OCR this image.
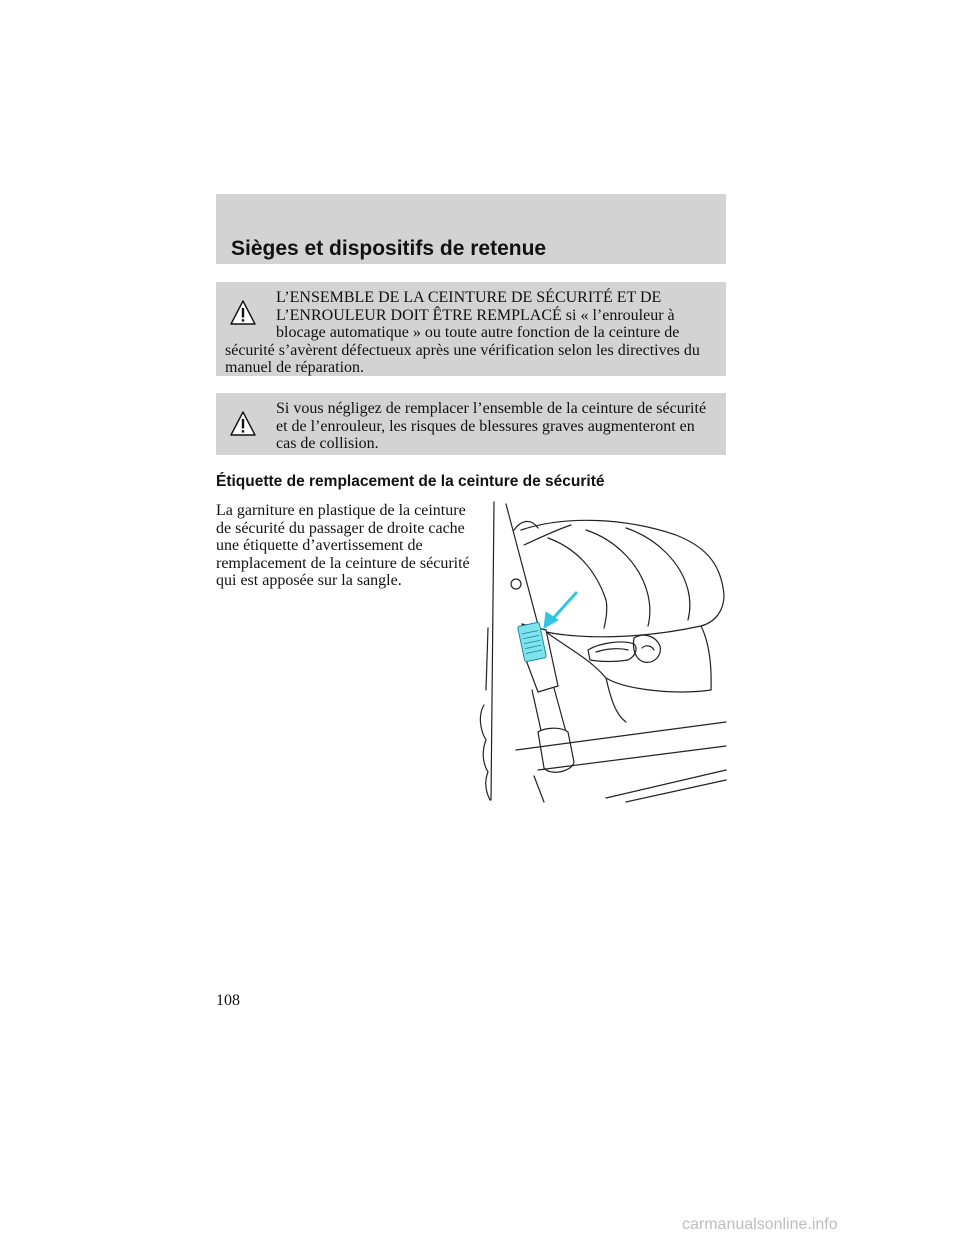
Sièges et dispositifs de retenue

L’ENSEMBLE DE LA CEINTURE DE SÉCURITÉ ET DE L’ENROULEUR DOIT ÊTRE REMPLACÉ si « l’enrouleur à blocage automatique » ou toute autre fonction de la ceinture de sécurité s’avèrent défectueux après une vérification selon les directives du manuel de réparation.

Si vous négligez de remplacer l’ensemble de la ceinture de sécurité et de l’enrouleur, les risques de blessures graves augmenteront en cas de collision.

Étiquette de remplacement de la ceinture de sécurité

La garniture en plastique de la ceinture de sécurité du passager de droite cache une étiquette d’avertissement de remplacement de la ceinture de sécurité qui est apposée sur la sangle.

108

carmanualsonline.info
